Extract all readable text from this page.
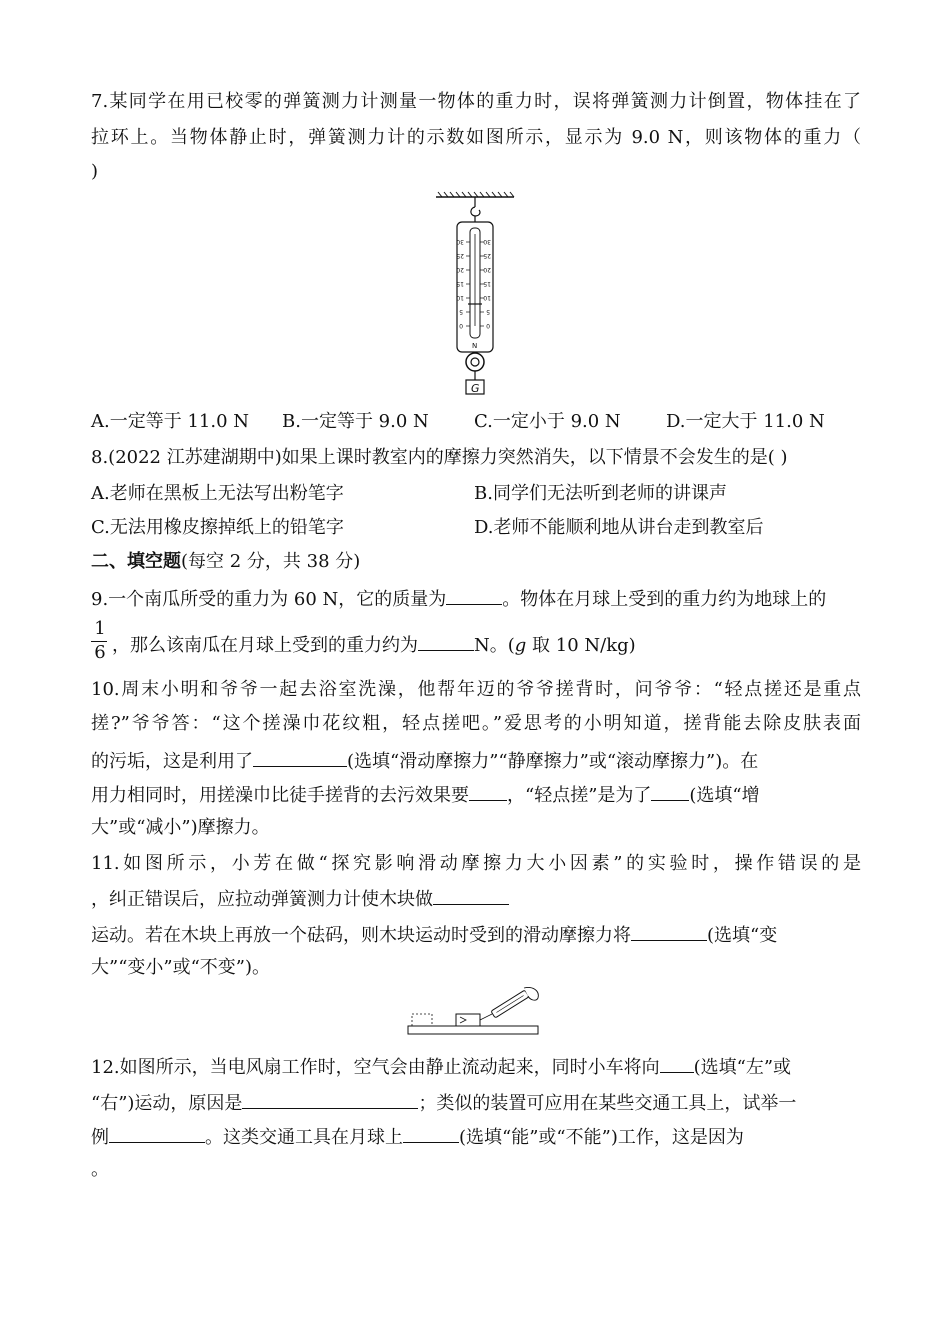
7.某同学在用已校零的弹簧测力计测量一物体的重力时，误将弹簧测力计倒置，物体挂在了
拉环上。当物体静止时，弹簧测力计的示数如图所示，显示为 9.0 N，则该物体的重力（
)
30
25
20
15
10
5
0
30
25
20
15
10
5
0
N
G
A.一定等于 11.0 N B.一定等于 9.0 N	C.一定小于 9.0 N	D.一定大于 11.0 N
8.(2022 江苏建湖期中)如果上课时教室内的摩擦力突然消失，以下情景不会发生的是( )
A.老师在黑板上无法写出粉笔字	B.同学们无法听到老师的讲课声
C.无法用橡皮擦掉纸上的铅笔字	D.老师不能顺利地从讲台走到教室后
二、填空题(每空 2 分，共 38 分)
9.一个南瓜所受的重力为 60 N，它的质量为	。物体在月球上受到的重力约为地球上的
1
6 ，那么该南瓜在月球上受到的重力约为	N。(g 取 10 N/kg)
10.周末小明和爷爷一起去浴室洗澡，他帮年迈的爷爷搓背时，问爷爷：“轻点搓还是重点
搓?”爷爷答：“这个搓澡巾花纹粗，轻点搓吧。”爱思考的小明知道，搓背能去除皮肤表面
的污垢，这是利用了	(选填“滑动摩擦力”“静摩擦力”或“滚动摩擦力”)。在
用力相同时，用搓澡巾比徒手搓背的去污效果要 ，“轻点搓”是为了 (选填“增
大”或“减小”)摩擦力。
11.如图所示，小芳在做“探究影响滑动摩擦力大小因素”的实验时，操作错误的是
，纠正错误后，应拉动弹簧测力计使木块做
运动。若在木块上再放一个砝码，则木块运动时受到的滑动摩擦力将	(选填“变
大”“变小”或“不变”)。
12.如图所示，当电风扇工作时，空气会由静止流动起来，同时小车将向 (选填“左”或
“右”)运动，原因是	；类似的装置可应用在某些交通工具上，试举一
例	。这类交通工具在月球上	(选填“能”或“不能”)工作，这是因为
。
